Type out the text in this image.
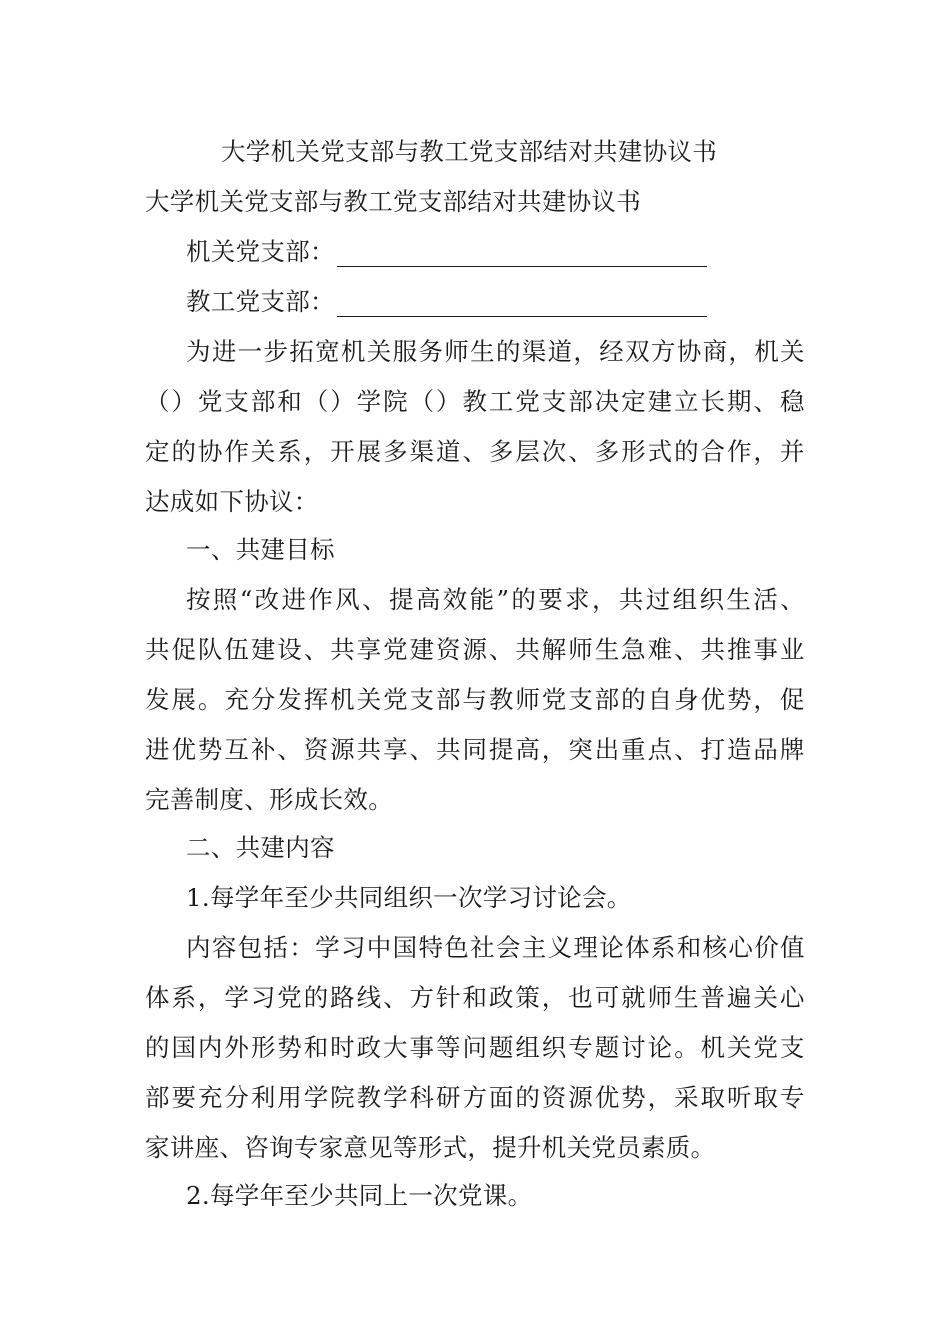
大学机关党支部与教工党支部结对共建协议书
大学机关党支部与教工党支部结对共建协议书
机关党支部：
教工党支部：
为 进 一 步 拓 宽 机 关 服 务 师 生 的 渠 道 ， 经 双 方 协 商 ， 机 关
（ ） 党 支 部 和 （ ） 学 院 （ ） 教 工 党 支 部 决 定 建 立 长 期 、 稳
定 的 协 作 关 系 ， 开 展 多 渠 道 、 多 层 次 、 多 形 式 的 合 作 ， 并
达成如下协议：
一、共建目标
按 照 “ 改 进 作 风 、 提 高 效 能 ” 的 要 求 ， 共 过 组 织 生 活 、
共 促 队 伍 建 设 、 共 享 党 建 资 源 、 共 解 师 生 急 难 、 共 推 事 业
发 展 。 充 分 发 挥 机 关 党 支 部 与 教 师 党 支 部 的 自 身 优 势 ， 促
进 优 势 互 补 、 资 源 共 享 、 共 同 提 高 ， 突 出 重 点 、 打 造 品 牌
完善制度、形成长效。
二、共建内容
1.每学年至少共同组织一次学习讨论会。
内 容 包 括 ： 学 习 中 国 特 色 社 会 主 义 理 论 体 系 和 核 心 价 值
体 系 ， 学 习 党 的 路 线 、 方 针 和 政 策 ， 也 可 就 师 生 普 遍 关 心
的 国 内 外 形 势 和 时 政 大 事 等 问 题 组 织 专 题 讨 论 。 机 关 党 支
部 要 充 分 利 用 学 院 教 学 科 研 方 面 的 资 源 优 势 ， 采 取 听 取 专
家讲座、咨询专家意见等形式，提升机关党员素质。
2.每学年至少共同上一次党课。
